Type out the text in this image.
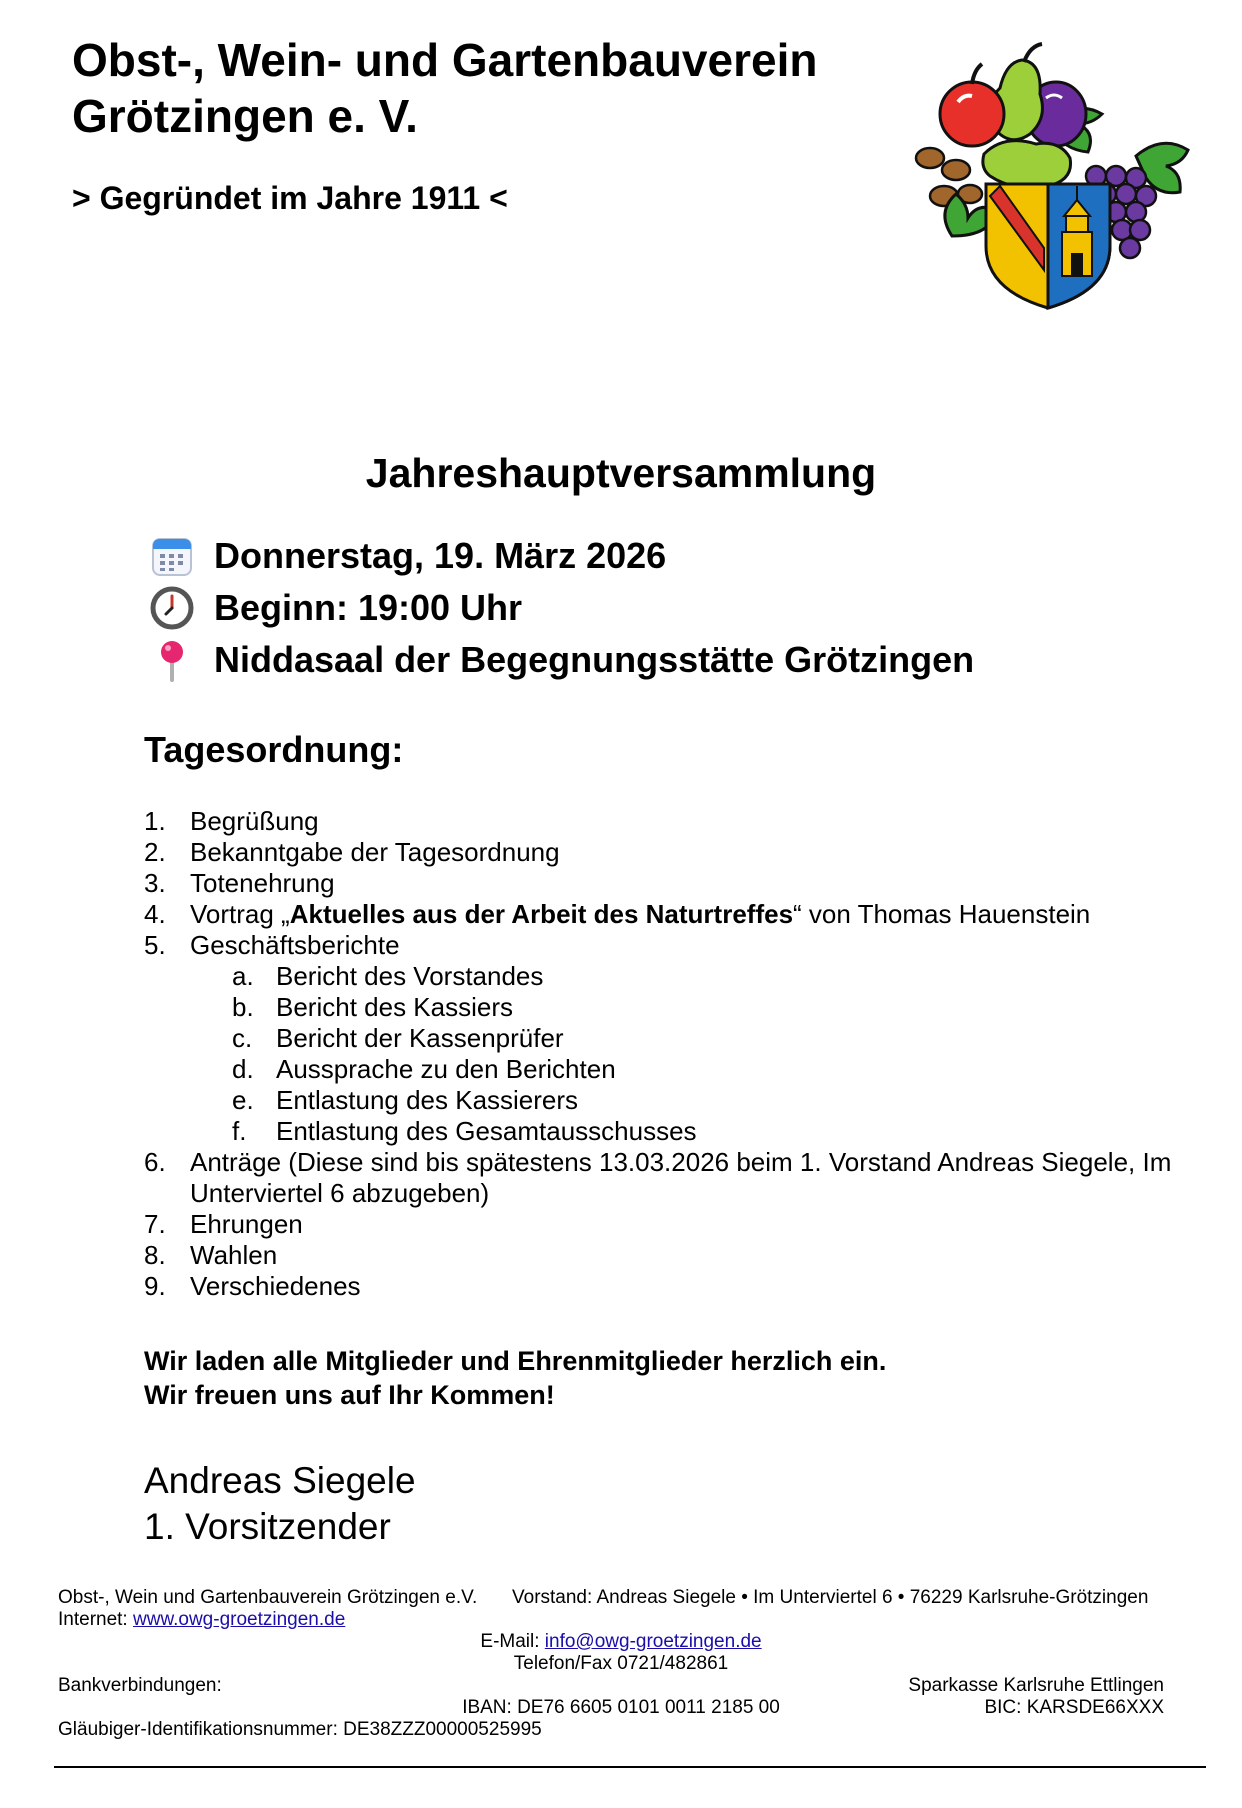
Obst-, Wein- und Gartenbauverein
Grötzingen e. V.
> Gegründet im Jahre 1911 <
Jahreshauptversammlung
Donnerstag, 19. März 2026
Beginn: 19:00 Uhr
Niddasaal der Begegnungsstätte Grötzingen
Tagesordnung:
1. Begrüßung
2. Bekanntgabe der Tagesordnung
3. Totenehrung
4. Vortrag „Aktuelles aus der Arbeit des Naturtreffes“ von Thomas Hauenstein
5. Geschäftsberichte
a. Bericht des Vorstandes
b. Bericht des Kassiers
c. Bericht der Kassenprüfer
d. Aussprache zu den Berichten
e. Entlastung des Kassierers
f.	Entlastung des Gesamtausschusses
6. Anträge (Diese sind bis spätestens 13.03.2026 beim 1. Vorstand Andreas Siegele, Im Unterviertel 6 abzugeben)
7. Ehrungen
8. Wahlen
9. Verschiedenes
Wir laden alle Mitglieder und Ehrenmitglieder herzlich ein.
Wir freuen uns auf Ihr Kommen!
Andreas Siegele
1. Vorsitzender
Obst-, Wein und Gartenbauverein Grötzingen e.V. Vorstand: Andreas Siegele • Im Unterviertel 6 • 76229 Karlsruhe-Grötzingen
Internet: www.owg-groetzingen.de
E-Mail: info@owg-groetzingen.de
Telefon/Fax 0721/482861
Bankverbindungen:	Sparkasse Karlsruhe Ettlingen
IBAN: DE76 6605 0101 0011 2185 00	BIC: KARSDE66XXX
Gläubiger-Identifikationsnummer: DE38ZZZ00000525995
